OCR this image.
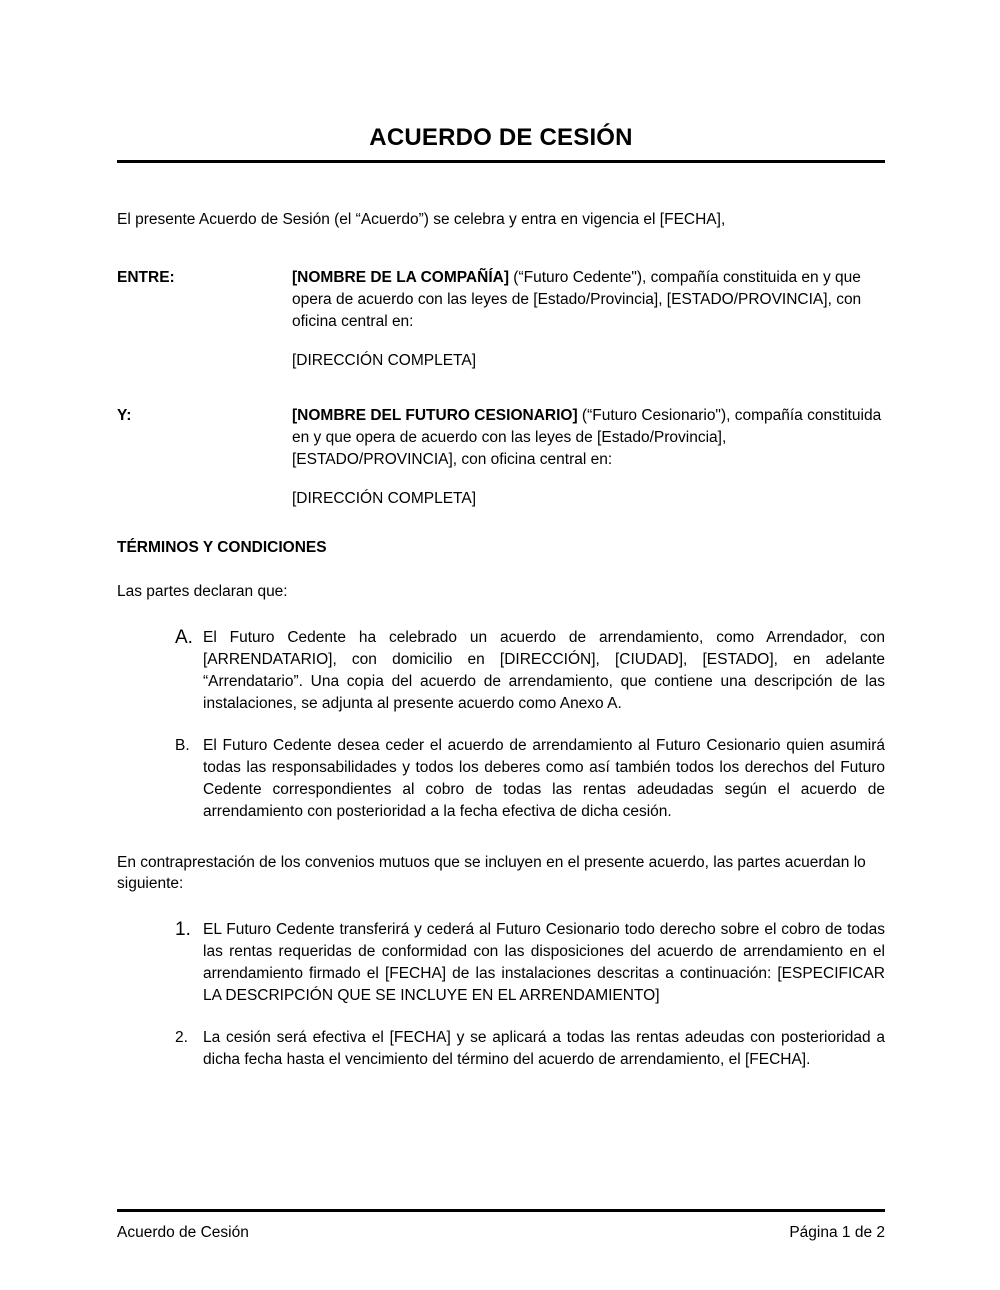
ACUERDO DE CESIÓN

El presente Acuerdo de Sesión (el “Acuerdo”) se celebra y entra en vigencia el [FECHA],

ENTRE:	[NOMBRE DE LA COMPAÑÍA] (“Futuro Cedente"), compañía constituida en y que opera de acuerdo con las leyes de [Estado/Provincia], [ESTADO/PROVINCIA], con oficina central en:
[DIRECCIÓN COMPLETA]
Y:	[NOMBRE DEL FUTURO CESIONARIO] (“Futuro Cesionario"), compañía constituida en y que opera de acuerdo con las leyes de [Estado/Provincia], [ESTADO/PROVINCIA], con oficina central en:
[DIRECCIÓN COMPLETA]
TÉRMINOS Y CONDICIONES

Las partes declaran que:

A. El Futuro Cedente ha celebrado un acuerdo de arrendamiento, como Arrendador, con [ARRENDATARIO], con domicilio en [DIRECCIÓN], [CIUDAD], [ESTADO], en adelante “Arrendatario”. Una copia del acuerdo de arrendamiento, que contiene una descripción de las instalaciones, se adjunta al presente acuerdo como Anexo A.
B. El Futuro Cedente desea ceder el acuerdo de arrendamiento al Futuro Cesionario quien asumirá todas las responsabilidades y todos los deberes como así también todos los derechos del Futuro Cedente correspondientes al cobro de todas las rentas adeudadas según el acuerdo de arrendamiento con posterioridad a la fecha efectiva de dicha cesión.

En contraprestación de los convenios mutuos que se incluyen en el presente acuerdo, las partes acuerdan lo siguiente:

1. EL Futuro Cedente transferirá y cederá al Futuro Cesionario todo derecho sobre el cobro de todas las rentas requeridas de conformidad con las disposiciones del acuerdo de arrendamiento en el arrendamiento firmado el [FECHA] de las instalaciones descritas a continuación: [ESPECIFICAR LA DESCRIPCIÓN QUE SE INCLUYE EN EL ARRENDAMIENTO]
2. La cesión será efectiva el [FECHA] y se aplicará a todas las rentas adeudas con posterioridad a dicha fecha hasta el vencimiento del término del acuerdo de arrendamiento, el [FECHA].
Acuerdo de Cesión	Página 1 de 2
